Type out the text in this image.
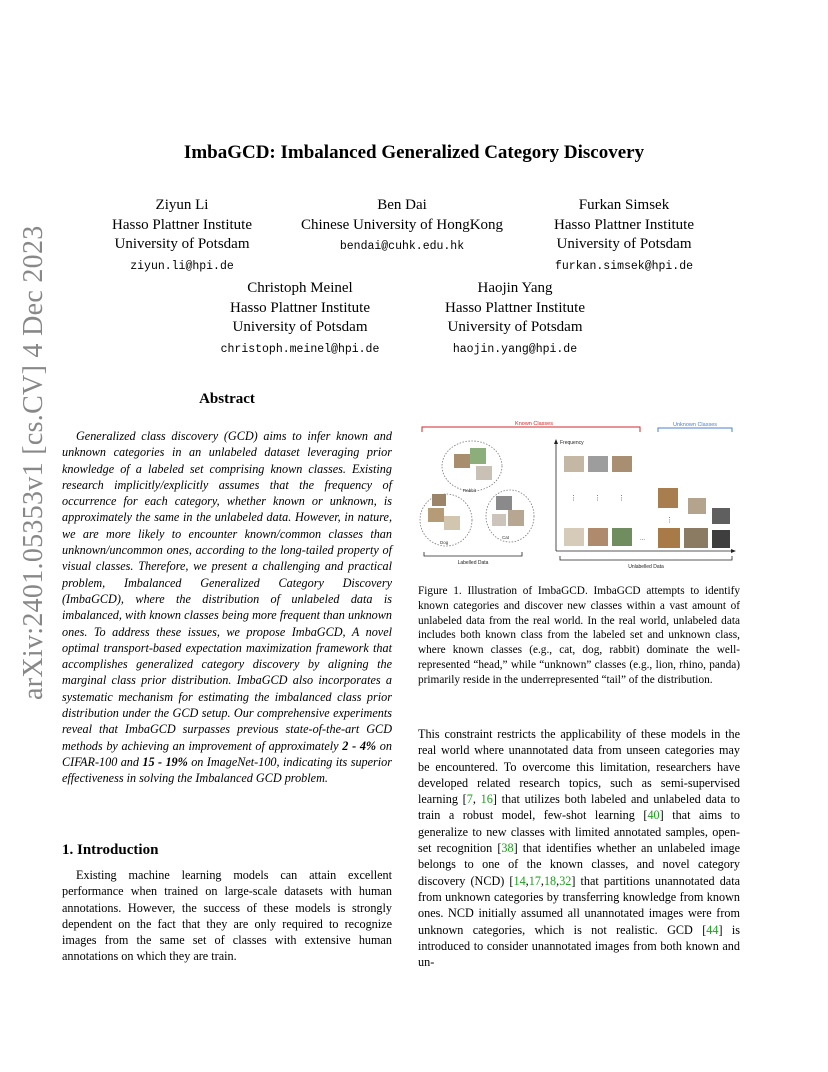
arXiv:2401.05353v1 [cs.CV] 4 Dec 2023
ImbaGCD: Imbalanced Generalized Category Discovery
Ziyun Li
Hasso Plattner Institute
University of Potsdam
ziyun.li@hpi.de
Ben Dai
Chinese University of HongKong
bendai@cuhk.edu.hk
Furkan Simsek
Hasso Plattner Institute
University of Potsdam
furkan.simsek@hpi.de
Christoph Meinel
Hasso Plattner Institute
University of Potsdam
christoph.meinel@hpi.de
Haojin Yang
Hasso Plattner Institute
University of Potsdam
haojin.yang@hpi.de
Abstract
Generalized class discovery (GCD) aims to infer known and unknown categories in an unlabeled dataset leveraging prior knowledge of a labeled set comprising known classes. Existing research implicitly/explicitly assumes that the frequency of occurrence for each category, whether known or unknown, is approximately the same in the unlabeled data. However, in nature, we are more likely to encounter known/common classes than unknown/uncommon ones, according to the long-tailed property of visual classes. Therefore, we present a challenging and practical problem, Imbalanced Generalized Category Discovery (ImbaGCD), where the distribution of unlabeled data is imbalanced, with known classes being more frequent than unknown ones. To address these issues, we propose ImbaGCD, A novel optimal transport-based expectation maximization framework that accomplishes generalized category discovery by aligning the marginal class prior distribution. ImbaGCD also incorporates a systematic mechanism for estimating the imbalanced class prior distribution under the GCD setup. Our comprehensive experiments reveal that ImbaGCD surpasses previous state-of-the-art GCD methods by achieving an improvement of approximately 2 - 4% on CIFAR-100 and 15 - 19% on ImageNet-100, indicating its superior effectiveness in solving the Imbalanced GCD problem.
1. Introduction
Existing machine learning models can attain excellent performance when trained on large-scale datasets with human annotations. However, the success of these models is strongly dependent on the fact that they are only required to recognize images from the same set of classes with extensive human annotations on which they are train.
Known Classes	Unknown Classes
Rabbit
Dog
Cat
Labelled Data
Frequency
⋮ ⋮ ⋮
...
⋮
Unlabelled Data
Figure 1. Illustration of ImbaGCD. ImbaGCD attempts to identify known categories and discover new classes within a vast amount of unlabeled data from the real world. In the real world, unlabeled data includes both known class from the labeled set and unknown class, where known classes (e.g., cat, dog, rabbit) dominate the well-represented “head,” while “unknown” classes (e.g., lion, rhino, panda) primarily reside in the underrepresented “tail” of the distribution.
This constraint restricts the applicability of these models in the real world where unannotated data from unseen categories may be encountered. To overcome this limitation, researchers have developed related research topics, such as semi-supervised learning [7, 16] that utilizes both labeled and unlabeled data to train a robust model, few-shot learning [40] that aims to generalize to new classes with limited annotated samples, open-set recognition [38] that identifies whether an unlabeled image belongs to one of the known classes, and novel category discovery (NCD) [14,17,18,32] that partitions unannotated data from unknown categories by transferring knowledge from known ones. NCD initially assumed all unannotated images were from unknown categories, which is not realistic. GCD [44] is introduced to consider unannotated images from both known and un-
